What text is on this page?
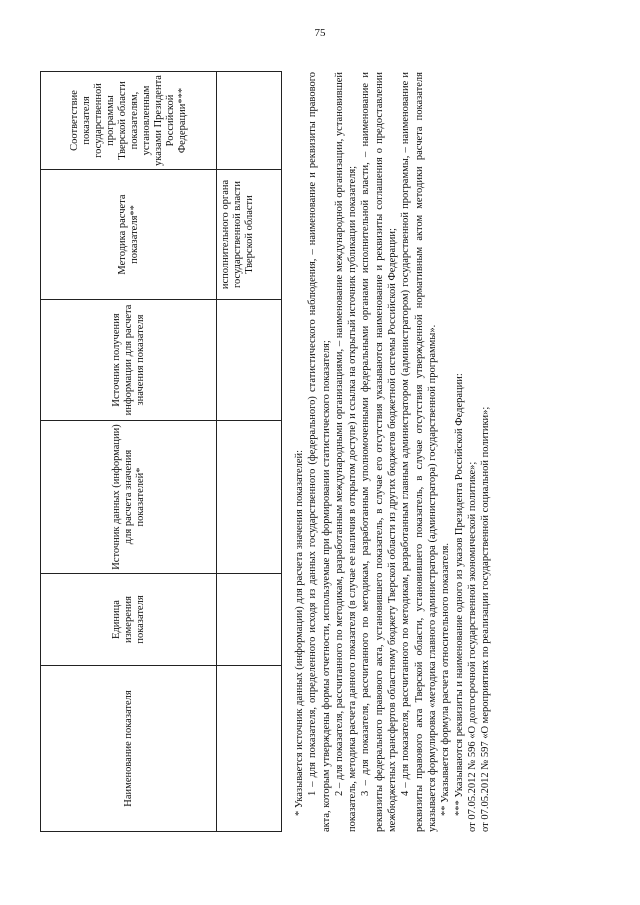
75
Наименование показателя	Единица измерения показателя	Источник данных (информации) для расчета значения показателей*	Источник получения информации для расчета значения показателя	Методика расчета показателя**	Соответствие показателя государственной программы Тверской области показателям, установленным указами Президента Российской Федерации***
				исполнительного органа государственной власти Тверской области	

* Указывается источник данных (информации) для расчета значения показателей: 1 – для показателя, определенного исходя из данных государственного (федерального) статистического наблюдения, – наименование и реквизиты правового акта, которым утверждены формы отчетности, используемые при формировании статистического показателя; 2 – для показателя, рассчитанного по методикам, разработанным международными организациями, – наименование международной организации, установившей показатель, методика расчета данного показателя (в случае ее наличия в открытом доступе) и ссылка на открытый источник публикации показателя; 3 – для показателя, рассчитанного по методикам, разработанным уполномоченными федеральными органами исполнительной власти, – наименование и реквизиты федерального правового акта, установившего показатель, в случае его отсутствия указываются наименование и реквизиты соглашения о предоставлении межбюджетных трансфертов областному бюджету Тверской области из других бюджетов бюджетной системы Российской Федерации; 4 – для показателя, рассчитанного по методикам, разработанным главным администратором (администратором) государственной программы, – наименование и реквизиты правового акта Тверской области, установившего показатель, в случае отсутствия утвержденной нормативным актом методики расчета показателя указывается формулировка «методика главного администратора (администратора) государственной программы». ** Указывается формула расчета относительного показателя. *** Указываются реквизиты и наименование одного из указов Президента Российской Федерации: от 07.05.2012 № 596 «О долгосрочной государственной экономической политике»; от 07.05.2012 № 597 «О мероприятиях по реализации государственной социальной политики»;
